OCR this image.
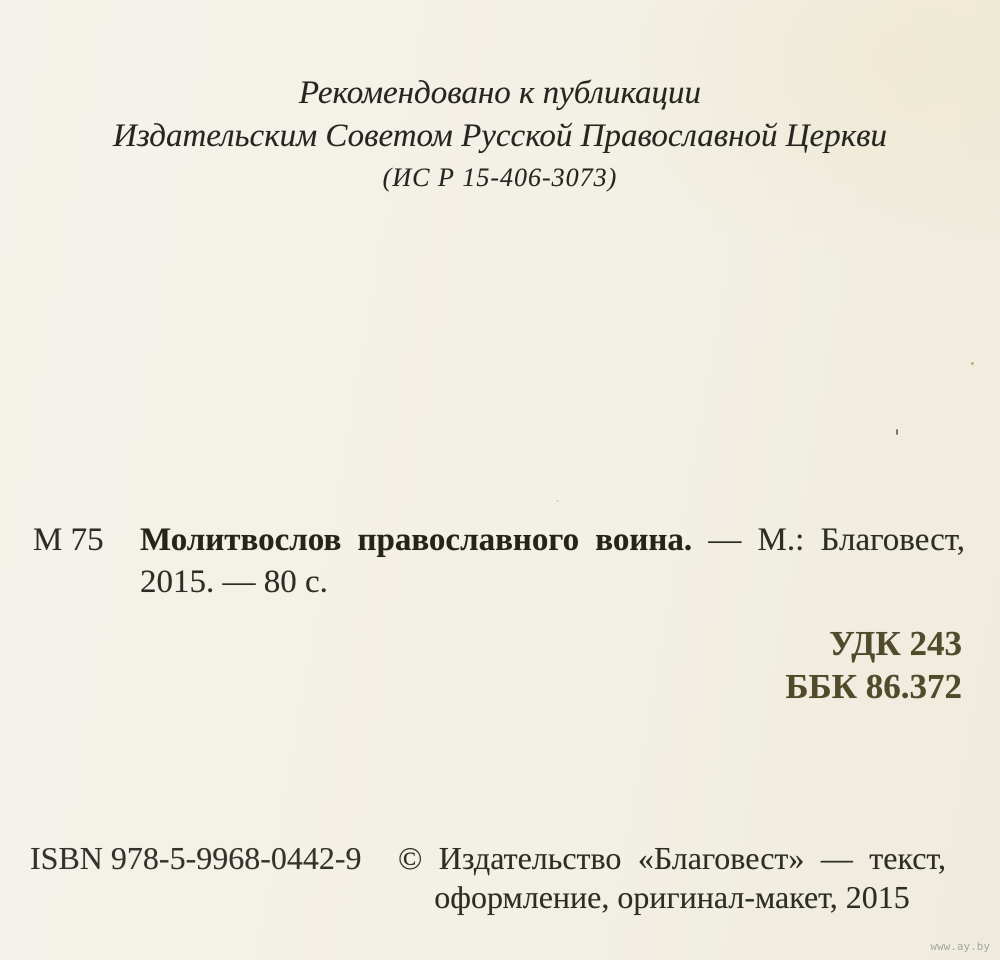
Рекомендовано к публикации
Издательским Советом Русской Православной Церкви
(ИС Р 15-406-3073)
М 75 Молитвослов православного воина. — М.: Благовест,
2015. — 80 с.
УДК 243
ББК 86.372
ISBN 978-5-9968-0442-9 © Издательство «Благовест» — текст,
оформление, оригинал-макет, 2015
www.ay.by
